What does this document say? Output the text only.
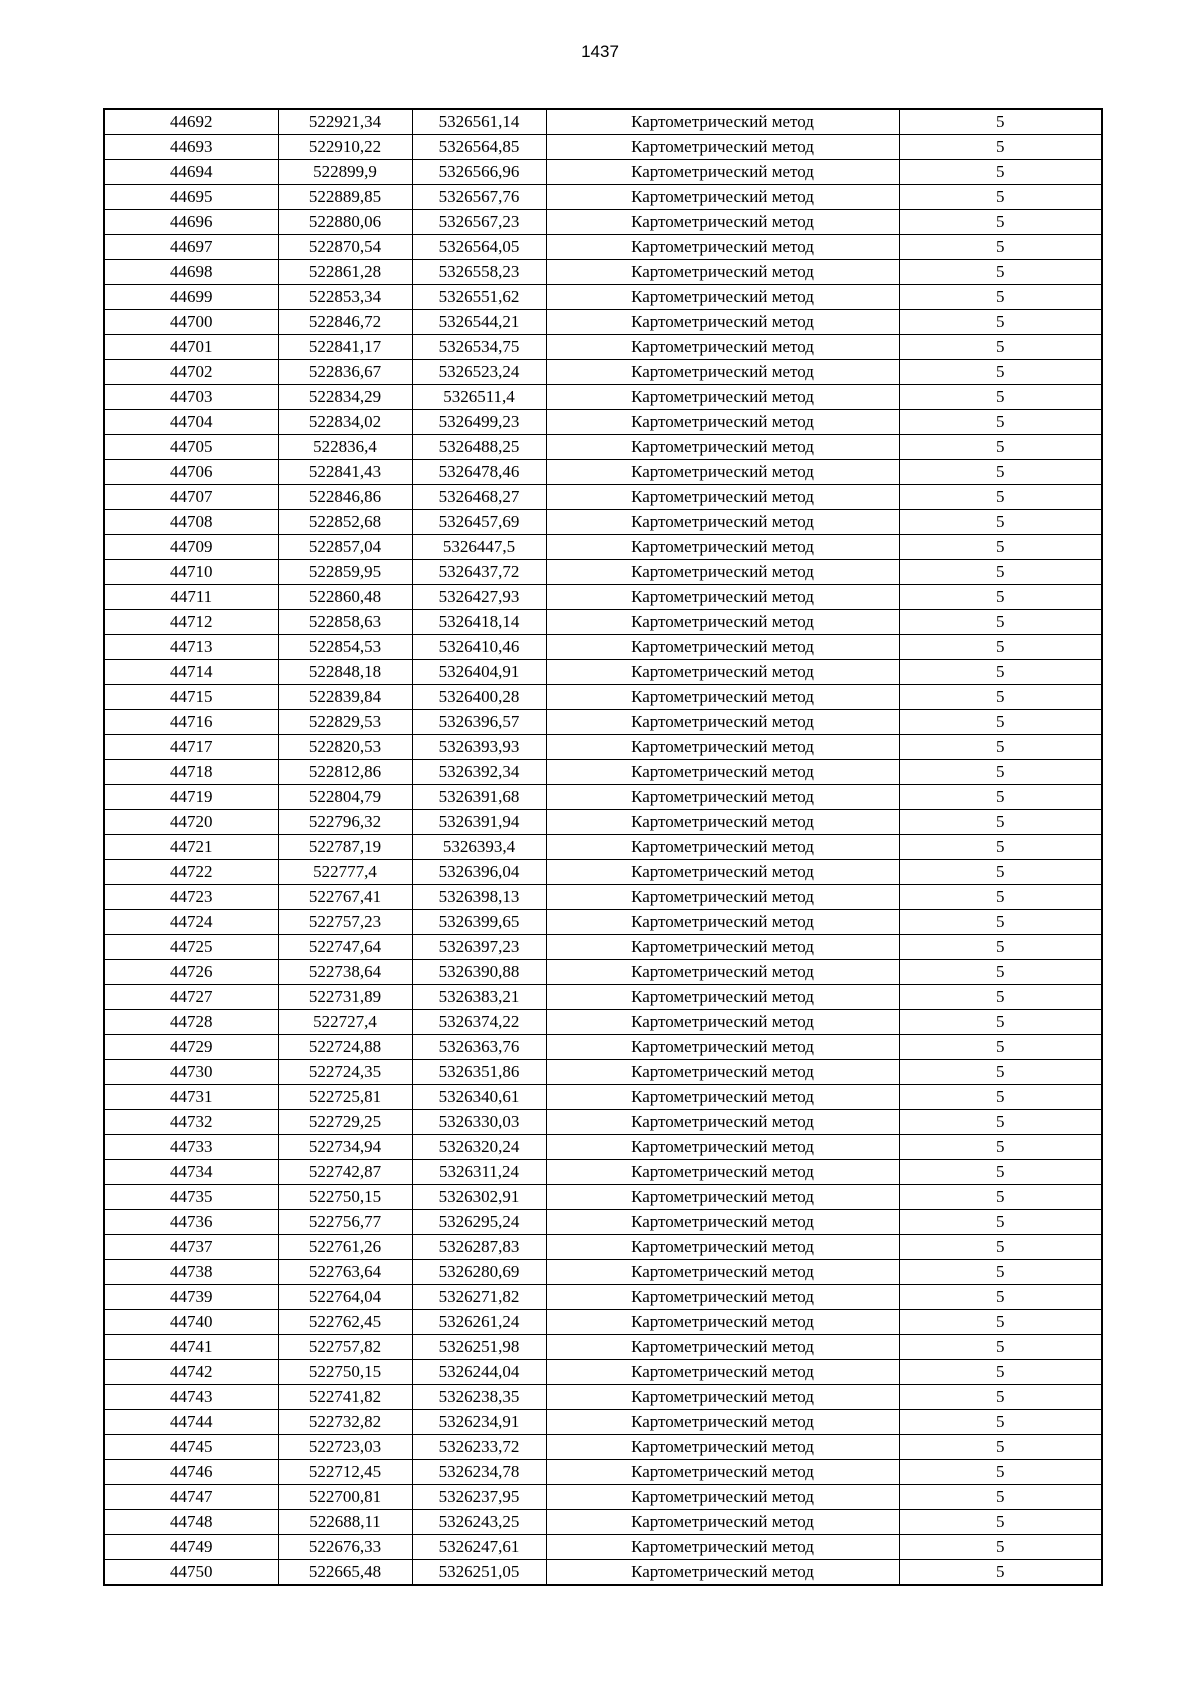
1437
44692	522921,34	5326561,14	Картометрический метод	5
44693	522910,22	5326564,85	Картометрический метод	5
44694	522899,9	5326566,96	Картометрический метод	5
44695	522889,85	5326567,76	Картометрический метод	5
44696	522880,06	5326567,23	Картометрический метод	5
44697	522870,54	5326564,05	Картометрический метод	5
44698	522861,28	5326558,23	Картометрический метод	5
44699	522853,34	5326551,62	Картометрический метод	5
44700	522846,72	5326544,21	Картометрический метод	5
44701	522841,17	5326534,75	Картометрический метод	5
44702	522836,67	5326523,24	Картометрический метод	5
44703	522834,29	5326511,4	Картометрический метод	5
44704	522834,02	5326499,23	Картометрический метод	5
44705	522836,4	5326488,25	Картометрический метод	5
44706	522841,43	5326478,46	Картометрический метод	5
44707	522846,86	5326468,27	Картометрический метод	5
44708	522852,68	5326457,69	Картометрический метод	5
44709	522857,04	5326447,5	Картометрический метод	5
44710	522859,95	5326437,72	Картометрический метод	5
44711	522860,48	5326427,93	Картометрический метод	5
44712	522858,63	5326418,14	Картометрический метод	5
44713	522854,53	5326410,46	Картометрический метод	5
44714	522848,18	5326404,91	Картометрический метод	5
44715	522839,84	5326400,28	Картометрический метод	5
44716	522829,53	5326396,57	Картометрический метод	5
44717	522820,53	5326393,93	Картометрический метод	5
44718	522812,86	5326392,34	Картометрический метод	5
44719	522804,79	5326391,68	Картометрический метод	5
44720	522796,32	5326391,94	Картометрический метод	5
44721	522787,19	5326393,4	Картометрический метод	5
44722	522777,4	5326396,04	Картометрический метод	5
44723	522767,41	5326398,13	Картометрический метод	5
44724	522757,23	5326399,65	Картометрический метод	5
44725	522747,64	5326397,23	Картометрический метод	5
44726	522738,64	5326390,88	Картометрический метод	5
44727	522731,89	5326383,21	Картометрический метод	5
44728	522727,4	5326374,22	Картометрический метод	5
44729	522724,88	5326363,76	Картометрический метод	5
44730	522724,35	5326351,86	Картометрический метод	5
44731	522725,81	5326340,61	Картометрический метод	5
44732	522729,25	5326330,03	Картометрический метод	5
44733	522734,94	5326320,24	Картометрический метод	5
44734	522742,87	5326311,24	Картометрический метод	5
44735	522750,15	5326302,91	Картометрический метод	5
44736	522756,77	5326295,24	Картометрический метод	5
44737	522761,26	5326287,83	Картометрический метод	5
44738	522763,64	5326280,69	Картометрический метод	5
44739	522764,04	5326271,82	Картометрический метод	5
44740	522762,45	5326261,24	Картометрический метод	5
44741	522757,82	5326251,98	Картометрический метод	5
44742	522750,15	5326244,04	Картометрический метод	5
44743	522741,82	5326238,35	Картометрический метод	5
44744	522732,82	5326234,91	Картометрический метод	5
44745	522723,03	5326233,72	Картометрический метод	5
44746	522712,45	5326234,78	Картометрический метод	5
44747	522700,81	5326237,95	Картометрический метод	5
44748	522688,11	5326243,25	Картометрический метод	5
44749	522676,33	5326247,61	Картометрический метод	5
44750	522665,48	5326251,05	Картометрический метод	5
